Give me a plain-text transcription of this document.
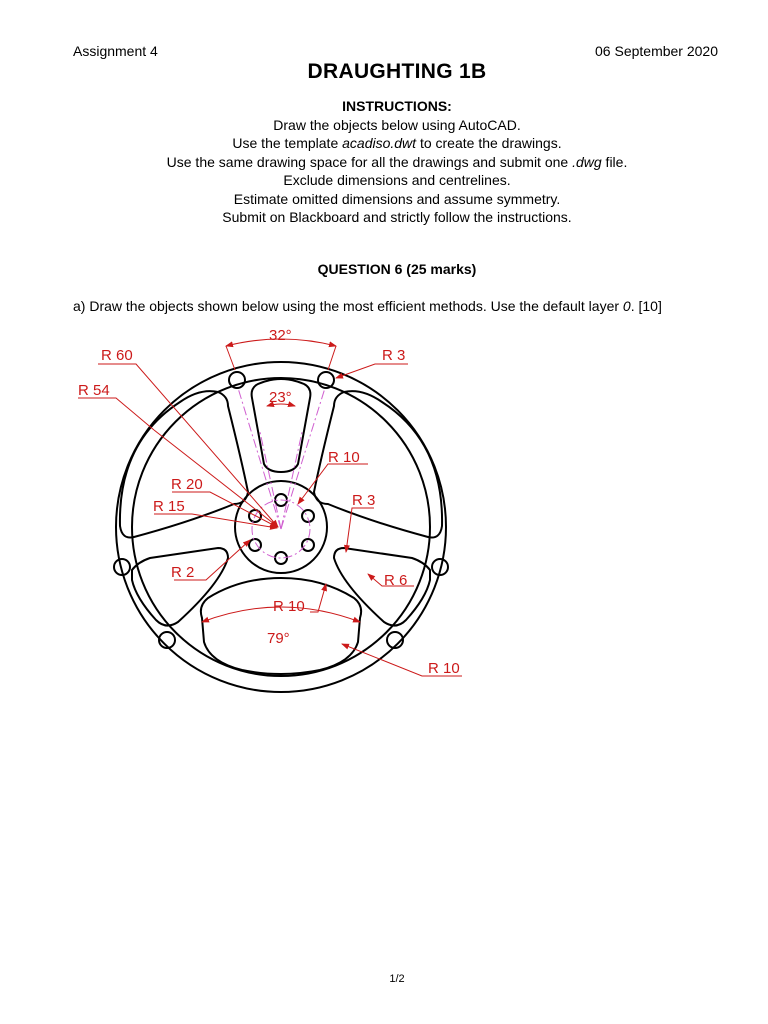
Assignment 4	06 September 2020
DRAUGHTING 1B
INSTRUCTIONS:
Draw the objects below using AutoCAD.
Use the template acadiso.dwt to create the drawings.
Use the same drawing space for all the drawings and submit one .dwg file.
Exclude dimensions and centrelines.
Estimate omitted dimensions and assume symmetry.
Submit on Blackboard and strictly follow the instructions.
QUESTION 6 (25 marks)
a) Draw the objects shown below using the most efficient methods. Use the default layer 0. [10]
R 60
R 54
R 3
32°
23°
R 10
R 20
R 15	R 3
R 2	R 6
R 10
79°
R 10
1/2
